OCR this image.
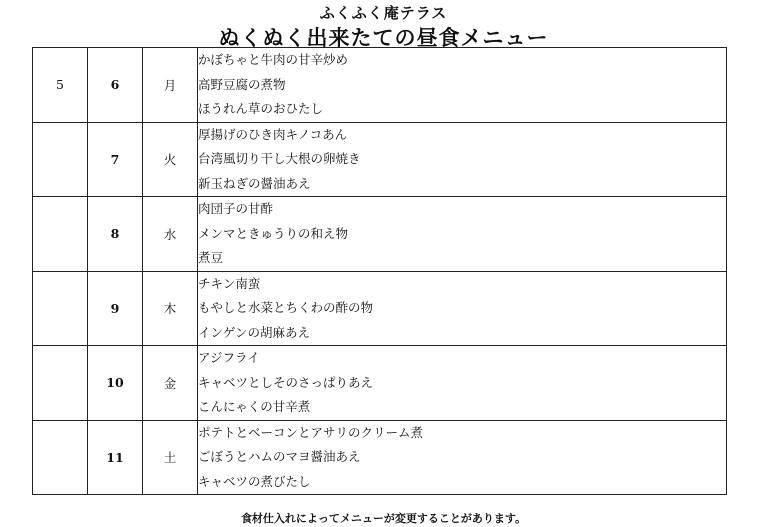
ふくふく庵テラス
ぬくぬく出来たての昼食メニュー
5	6	月	かぼちゃと牛肉の甘辛炒め
高野豆腐の煮物
ほうれん草のおひたし

	7	火	厚揚げのひき肉キノコあん
台湾風切り干し大根の卵焼き
新玉ねぎの醤油あえ

	8	水	肉団子の甘酢
メンマときゅうりの和え物
煮豆

	9	木	チキン南蛮
もやしと水菜とちくわの酢の物
インゲンの胡麻あえ

	10	金	アジフライ
キャベツとしそのさっぱりあえ
こんにゃくの甘辛煮

	11	土	ポテトとベーコンとアサリのクリーム煮
ごぼうとハムのマヨ醤油あえ
キャベツの煮びたし
食材仕入れによってメニューが変更することがあります。
